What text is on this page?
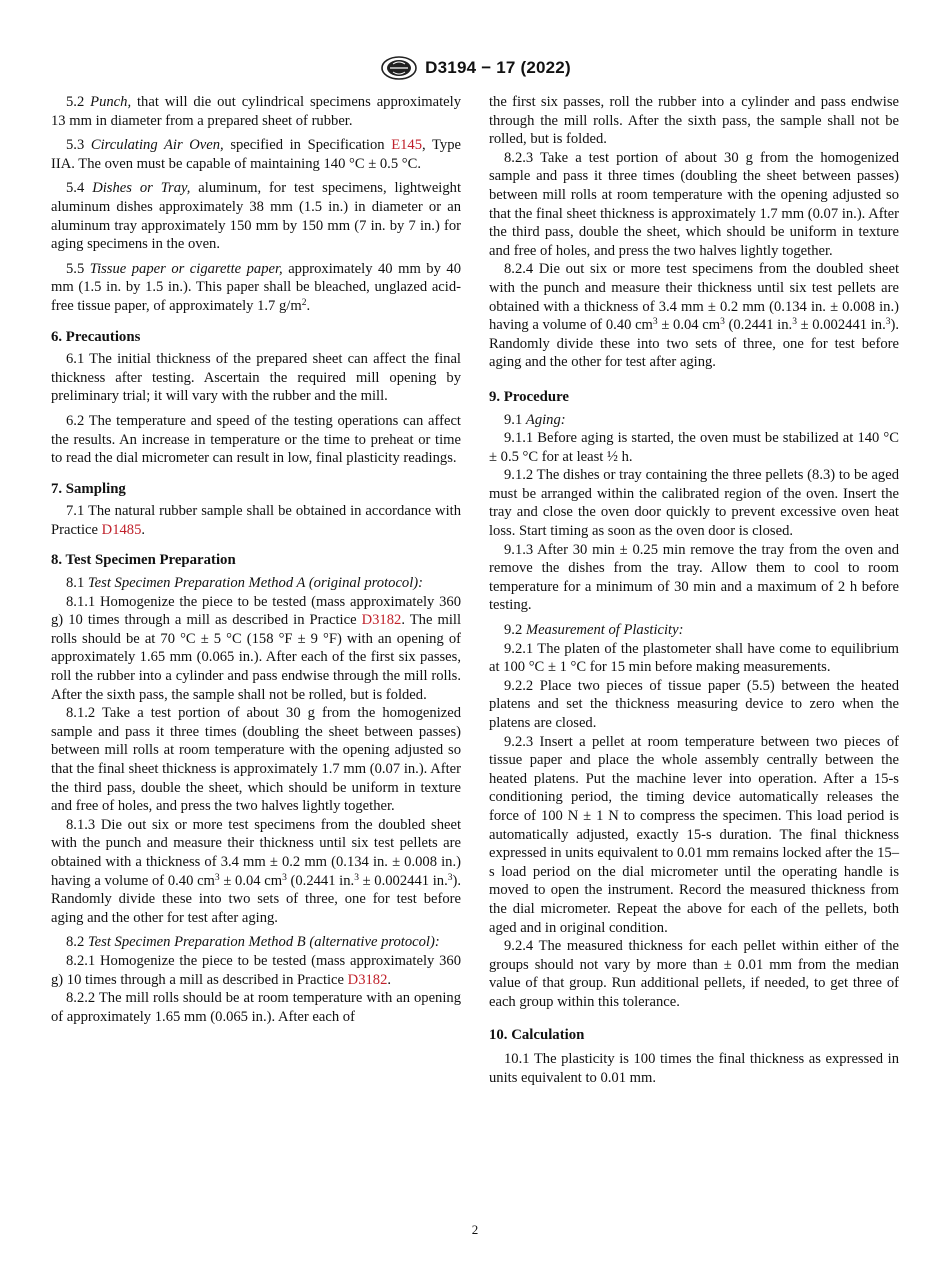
D3194 − 17 (2022)

5.2 Punch, that will die out cylindrical specimens approximately 13 mm in diameter from a prepared sheet of rubber.

5.3 Circulating Air Oven, specified in Specification E145, Type IIA. The oven must be capable of maintaining 140 °C ± 0.5 °C.

5.4 Dishes or Tray, aluminum, for test specimens, lightweight aluminum dishes approximately 38 mm (1.5 in.) in diameter or an aluminum tray approximately 150 mm by 150 mm (7 in. by 7 in.) for aging specimens in the oven.

5.5 Tissue paper or cigarette paper, approximately 40 mm by 40 mm (1.5 in. by 1.5 in.). This paper shall be bleached, unglazed acid-free tissue paper, of approximately 1.7 $g/m^2$.

6. Precautions

6.1 The initial thickness of the prepared sheet can affect the final thickness after testing. Ascertain the required mill opening by preliminary trial; it will vary with the rubber and the mill.

6.2 The temperature and speed of the testing operations can affect the results. An increase in temperature or the time to preheat or time to read the dial micrometer can result in low, final plasticity readings.

7. Sampling

7.1 The natural rubber sample shall be obtained in accordance with Practice D1485.

8. Test Specimen Preparation

8.1 Test Specimen Preparation Method A (original protocol):

8.1.1 Homogenize the piece to be tested (mass approximately 360 g) 10 times through a mill as described in Practice D3182. The mill rolls should be at 70 °C ± 5 °C (158 °F ± 9 °F) with an opening of approximately 1.65 mm (0.065 in.). After each of the first six passes, roll the rubber into a cylinder and pass endwise through the mill rolls. After the sixth pass, the sample shall not be rolled, but is folded.

8.1.2 Take a test portion of about 30 g from the homogenized sample and pass it three times (doubling the sheet between passes) between mill rolls at room temperature with the opening adjusted so that the final sheet thickness is approximately 1.7 mm (0.07 in.). After the third pass, double the sheet, which should be uniform in texture and free of holes, and press the two halves lightly together.

8.1.3 Die out six or more test specimens from the doubled sheet with the punch and measure their thickness until six test pellets are obtained with a thickness of 3.4 mm ± 0.2 mm (0.134 in. ± 0.008 in.) having a volume of 0.40 $cm^3 \pm 0.04$ $cm^3$ (0.2441 in.$^3$ ± 0.002441 in.$^3$). Randomly divide these into two sets of three, one for test before aging and the other for test after aging.

8.2 Test Specimen Preparation Method B (alternative protocol):

8.2.1 Homogenize the piece to be tested (mass approximately 360 g) 10 times through a mill as described in Practice D3182.

8.2.2 The mill rolls should be at room temperature with an opening of approximately 1.65 mm (0.065 in.). After each of

the first six passes, roll the rubber into a cylinder and pass endwise through the mill rolls. After the sixth pass, the sample shall not be rolled, but is folded.

8.2.3 Take a test portion of about 30 g from the homogenized sample and pass it three times (doubling the sheet between passes) between mill rolls at room temperature with the opening adjusted so that the final sheet thickness is approximately 1.7 mm (0.07 in.). After the third pass, double the sheet, which should be uniform in texture and free of holes, and press the two halves lightly together.

8.2.4 Die out six or more test specimens from the doubled sheet with the punch and measure their thickness until six test pellets are obtained with a thickness of 3.4 mm ± 0.2 mm (0.134 in. ± 0.008 in.) having a volume of 0.40 $cm^3 \pm 0.04$ $cm^3$ (0.2441 in.$^3$ ± 0.002441 in.$^3$). Randomly divide these into two sets of three, one for test before aging and the other for test after aging.

9. Procedure

9.1 Aging:

9.1.1 Before aging is started, the oven must be stabilized at 140 °C ± 0.5 °C for at least ½ h.

9.1.2 The dishes or tray containing the three pellets (8.3) to be aged must be arranged within the calibrated region of the oven. Insert the tray and close the oven door quickly to prevent excessive oven heat loss. Start timing as soon as the oven door is closed.

9.1.3 After 30 min ± 0.25 min remove the tray from the oven and remove the dishes from the tray. Allow them to cool to room temperature for a minimum of 30 min and a maximum of 2 h before testing.

9.2 Measurement of Plasticity:

9.2.1 The platen of the plastometer shall have come to equilibrium at 100 °C ± 1 °C for 15 min before making measurements.

9.2.2 Place two pieces of tissue paper (5.5) between the heated platens and set the thickness measuring device to zero when the platens are closed.

9.2.3 Insert a pellet at room temperature between two pieces of tissue paper and place the whole assembly centrally between the heated platens. Put the machine lever into operation. After a 15-s conditioning period, the timing device automatically releases the force of 100 N ± 1 N to compress the specimen. This load period is automatically adjusted, exactly 15-s duration. The final thickness expressed in units equivalent to 0.01 mm remains locked after the 15–s load period on the dial micrometer until the operating handle is moved to open the instrument. Record the measured thickness from the dial micrometer. Repeat the above for each of the pellets, both aged and in original condition.

9.2.4 The measured thickness for each pellet within either of the groups should not vary by more than ± 0.01 mm from the median value of that group. Run additional pellets, if needed, to get three of each group within this tolerance.

10. Calculation

10.1 The plasticity is 100 times the final thickness as expressed in units equivalent to 0.01 mm.

2
